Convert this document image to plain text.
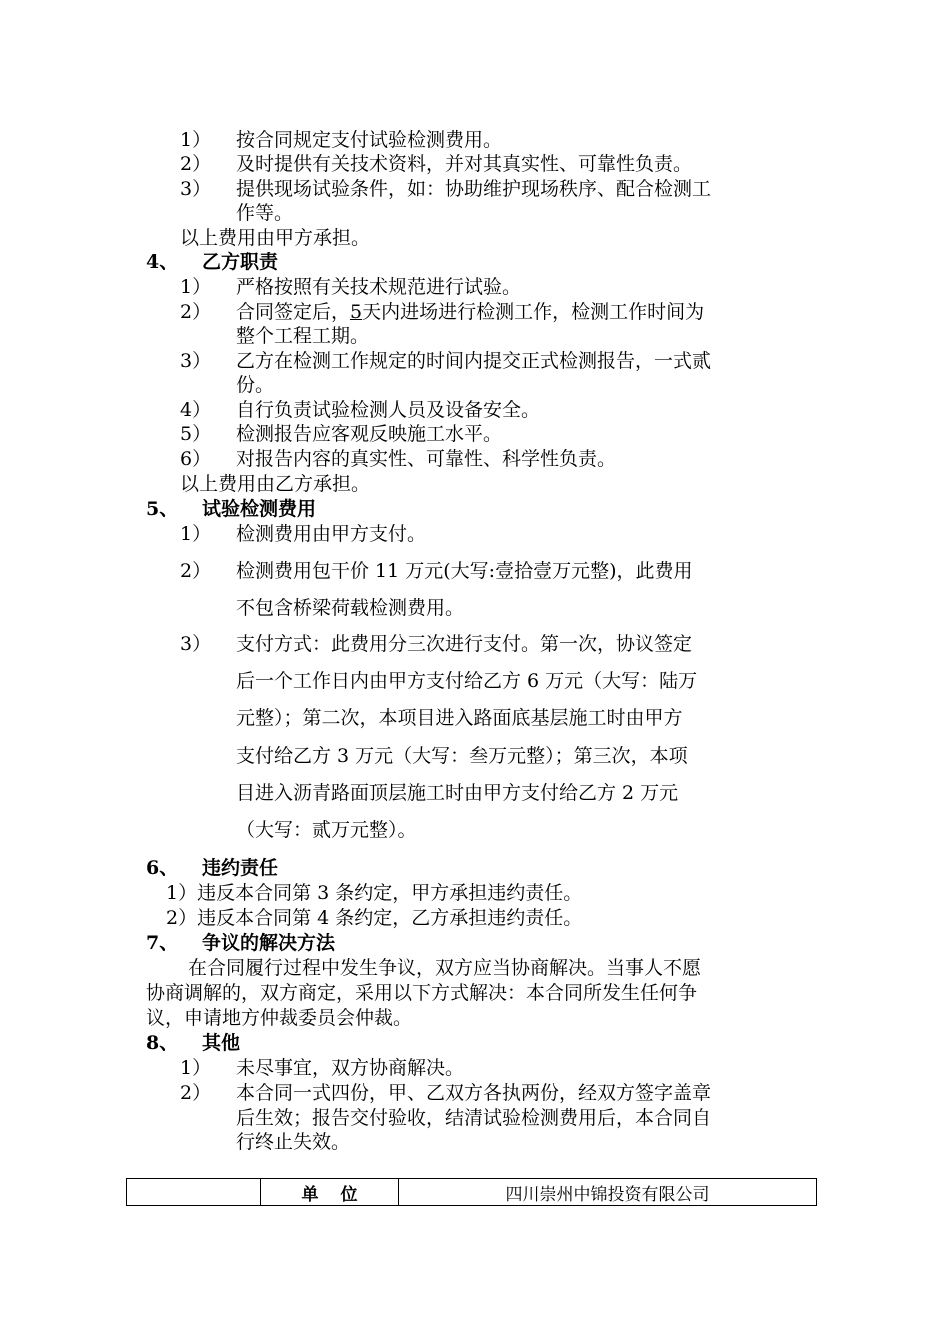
1） 按合同规定支付试验检测费用。
2） 及时提供有关技术资料，并对其真实性、可靠性负责。
3） 提供现场试验条件，如：协助维护现场秩序、配合检测工
作等。
以上费用由甲方承担。
4、 乙方职责
1） 严格按照有关技术规范进行试验。
2） 合同签定后，5天内进场进行检测工作，检测工作时间为
整个工程工期。
3） 乙方在检测工作规定的时间内提交正式检测报告，一式贰
份。
4） 自行负责试验检测人员及设备安全。
5） 检测报告应客观反映施工水平。
6） 对报告内容的真实性、可靠性、科学性负责。
以上费用由乙方承担。
5、 试验检测费用
1） 检测费用由甲方支付。
2） 检测费用包干价 11 万元(大写:壹拾壹万元整)，此费用
不包含桥梁荷载检测费用。
3） 支付方式：此费用分三次进行支付。第一次，协议签定
后一个工作日内由甲方支付给乙方 6 万元（大写：陆万
元整）；第二次，本项目进入路面底基层施工时由甲方
支付给乙方 3 万元（大写：叁万元整）；第三次，本项
目进入沥青路面顶层施工时由甲方支付给乙方 2 万元
（大写：贰万元整）。
6、 违约责任
1）违反本合同第 3 条约定，甲方承担违约责任。
2）违反本合同第 4 条约定，乙方承担违约责任。
7、 争议的解决方法
在合同履行过程中发生争议，双方应当协商解决。当事人不愿
协商调解的，双方商定，采用以下方式解决：本合同所发生任何争
议，申请地方仲裁委员会仲裁。
8、 其他
1） 未尽事宜，双方协商解决。
2） 本合同一式四份，甲、乙双方各执两份，经双方签字盖章
后生效；报告交付验收，结清试验检测费用后，本合同自
行终止失效。
	单位	四川崇州中锦投资有限公司
